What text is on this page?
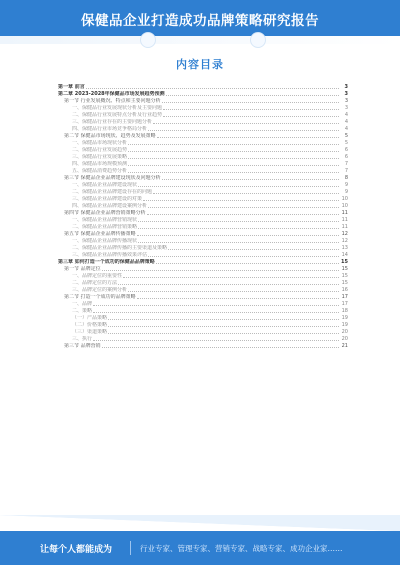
保健品企业打造成功品牌策略研究报告
内容目录
第一章 前言	3
第二章 2023-2028年保健品市场发展趋势预测	3
第一节 行业发展概况、特点和主要问题分析	3
一、保健品行业发展现状分析及主要问题	3
二、保健品行业发展特点分析及行业趋势	4
三、保健品行业存在的主要问题分析	4
四、保健品行业市场竞争格局分析	4
第二节 保健品市场现状、趋势及发展策略	5
一、保健品市场现状分析	5
二、保健品行业发展趋势	6
三、保健品行业发展策略	6
四、保健品市场规模预测	7
五、保健品消费趋势分析	7
第三节 保健品企业品牌建设现状及问题分析	8
一、保健品企业品牌建设现状	9
二、保健品企业品牌建设存在的问题	9
三、保健品企业品牌建设的对策	10
四、保健品企业品牌建设案例分析	10
第四节 保健品企业品牌营销策略分析	11
一、保健品企业品牌营销现状	11
二、保健品企业品牌营销策略	11
第五节 保健品企业品牌传播策略	12
一、保健品企业品牌传播现状	12
二、保健品企业品牌传播的主要渠道及策略	13
三、保健品企业品牌传播效果评估	14
第三章 如何打造一个成功的保健品品牌策略	15
第一节 品牌定位	15
一、品牌定位的重要性	15
二、品牌定位的方法	15
三、品牌定位的案例分析	16
第二节 打造一个成功的品牌策略	17
一、品牌	17
二、策略	18
（一）产品策略	19
（二）价格策略	19
（三）渠道策略	20
三、执行	20
第三节 品牌营销	21
让每个人都能成为	行业专家、管理专家、营销专家、战略专家、成功企业家……
